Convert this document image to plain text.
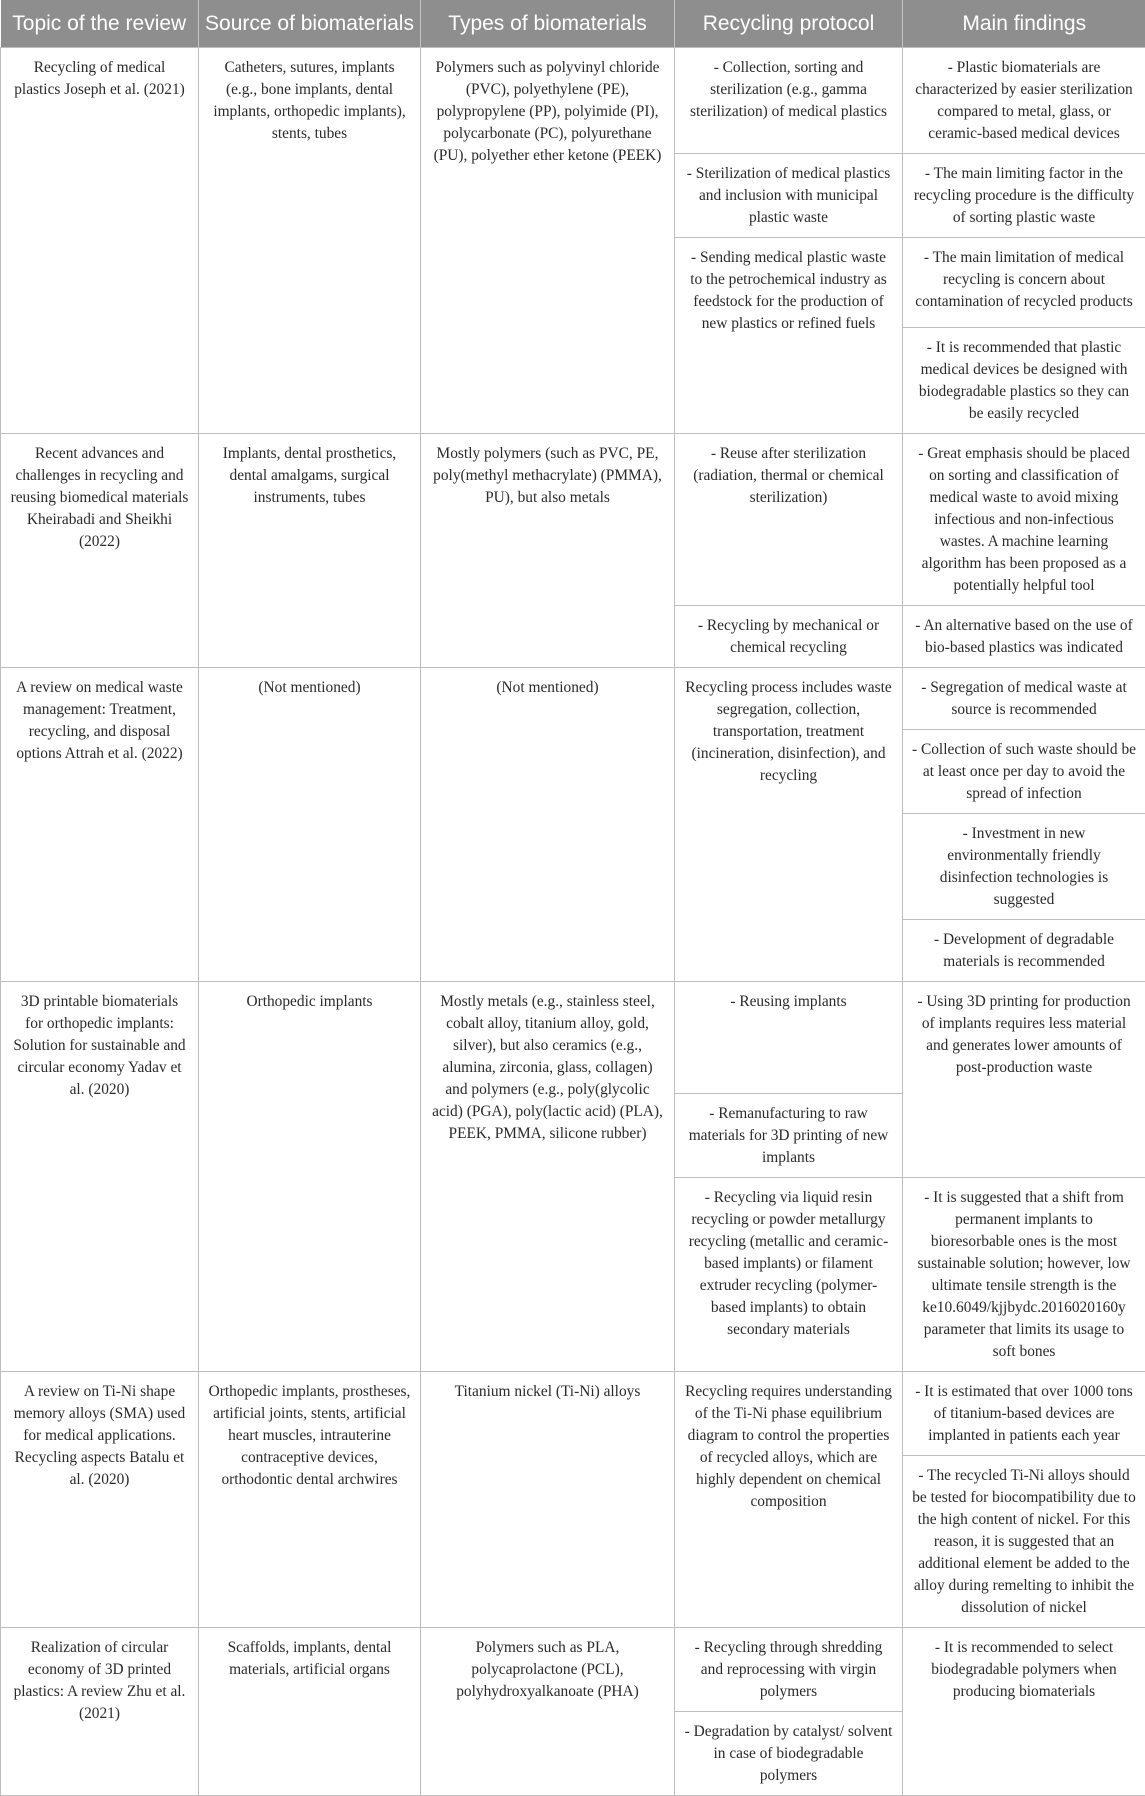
Topic of the review	Source of biomaterials	Types of biomaterials	Recycling protocol	Main findings
Recycling of medical plastics Joseph et al. (2021)	Catheters, sutures, implants (e.g., bone implants, dental implants, orthopedic implants), stents, tubes	Polymers such as polyvinyl chloride (PVC), polyethylene (PE), polypropylene (PP), polyimide (PI), polycarbonate (PC), polyurethane (PU), polyether ether ketone (PEEK)	- Collection, sorting and sterilization (e.g., gamma sterilization) of medical plastics	- Plastic biomaterials are characterized by easier sterilization compared to metal, glass, or ceramic-based medical devices
			- Sterilization of medical plastics and inclusion with municipal plastic waste	- The main limiting factor in the recycling procedure is the difficulty of sorting plastic waste
			- Sending medical plastic waste to the petrochemical industry as feedstock for the production of new plastics or refined fuels	- The main limitation of medical recycling is concern about contamination of recycled products
				- It is recommended that plastic medical devices be designed with biodegradable plastics so they can be easily recycled
Recent advances and challenges in recycling and reusing biomedical materials Kheirabadi and Sheikhi (2022)	Implants, dental prosthetics, dental amalgams, surgical instruments, tubes	Mostly polymers (such as PVC, PE, poly(methyl methacrylate) (PMMA), PU), but also metals	- Reuse after sterilization (radiation, thermal or chemical sterilization)	- Great emphasis should be placed on sorting and classification of medical waste to avoid mixing infectious and non-infectious wastes. A machine learning algorithm has been proposed as a potentially helpful tool
			- Recycling by mechanical or chemical recycling	- An alternative based on the use of bio-based plastics was indicated
A review on medical waste management: Treatment, recycling, and disposal options Attrah et al. (2022)	(Not mentioned)	(Not mentioned)	Recycling process includes waste segregation, collection, transportation, treatment (incineration, disinfection), and recycling	- Segregation of medical waste at source is recommended
				- Collection of such waste should be at least once per day to avoid the spread of infection
				- Investment in new environmentally friendly disinfection technologies is suggested
				- Development of degradable materials is recommended
3D printable biomaterials for orthopedic implants: Solution for sustainable and circular economy Yadav et al. (2020)	Orthopedic implants	Mostly metals (e.g., stainless steel, cobalt alloy, titanium alloy, gold, silver), but also ceramics (e.g., alumina, zirconia, glass, collagen) and polymers (e.g., poly(glycolic acid) (PGA), poly(lactic acid) (PLA), PEEK, PMMA, silicone rubber)	- Reusing implants	- Using 3D printing for production of implants requires less material and generates lower amounts of post-production waste
			- Remanufacturing to raw materials for 3D printing of new implants	
			- Recycling via liquid resin recycling or powder metallurgy recycling (metallic and ceramic-based implants) or filament extruder recycling (polymer-based implants) to obtain secondary materials	- It is suggested that a shift from permanent implants to bioresorbable ones is the most sustainable solution; however, low ultimate tensile strength is the ke10.6049/kjjbydc.2016020160y parameter that limits its usage to soft bones
A review on Ti-Ni shape memory alloys (SMA) used for medical applications. Recycling aspects Batalu et al. (2020)	Orthopedic implants, prostheses, artificial joints, stents, artificial heart muscles, intrauterine contraceptive devices, orthodontic dental archwires	Titanium nickel (Ti-Ni) alloys	Recycling requires understanding of the Ti-Ni phase equilibrium diagram to control the properties of recycled alloys, which are highly dependent on chemical composition	- It is estimated that over 1000 tons of titanium-based devices are implanted in patients each year
				- The recycled Ti-Ni alloys should be tested for biocompatibility due to the high content of nickel. For this reason, it is suggested that an additional element be added to the alloy during remelting to inhibit the dissolution of nickel
Realization of circular economy of 3D printed plastics: A review Zhu et al. (2021)	Scaffolds, implants, dental materials, artificial organs	Polymers such as PLA, polycaprolactone (PCL), polyhydroxyalkanoate (PHA)	- Recycling through shredding and reprocessing with virgin polymers	- It is recommended to select biodegradable polymers when producing biomaterials
			- Degradation by catalyst/ solvent in case of biodegradable polymers	
